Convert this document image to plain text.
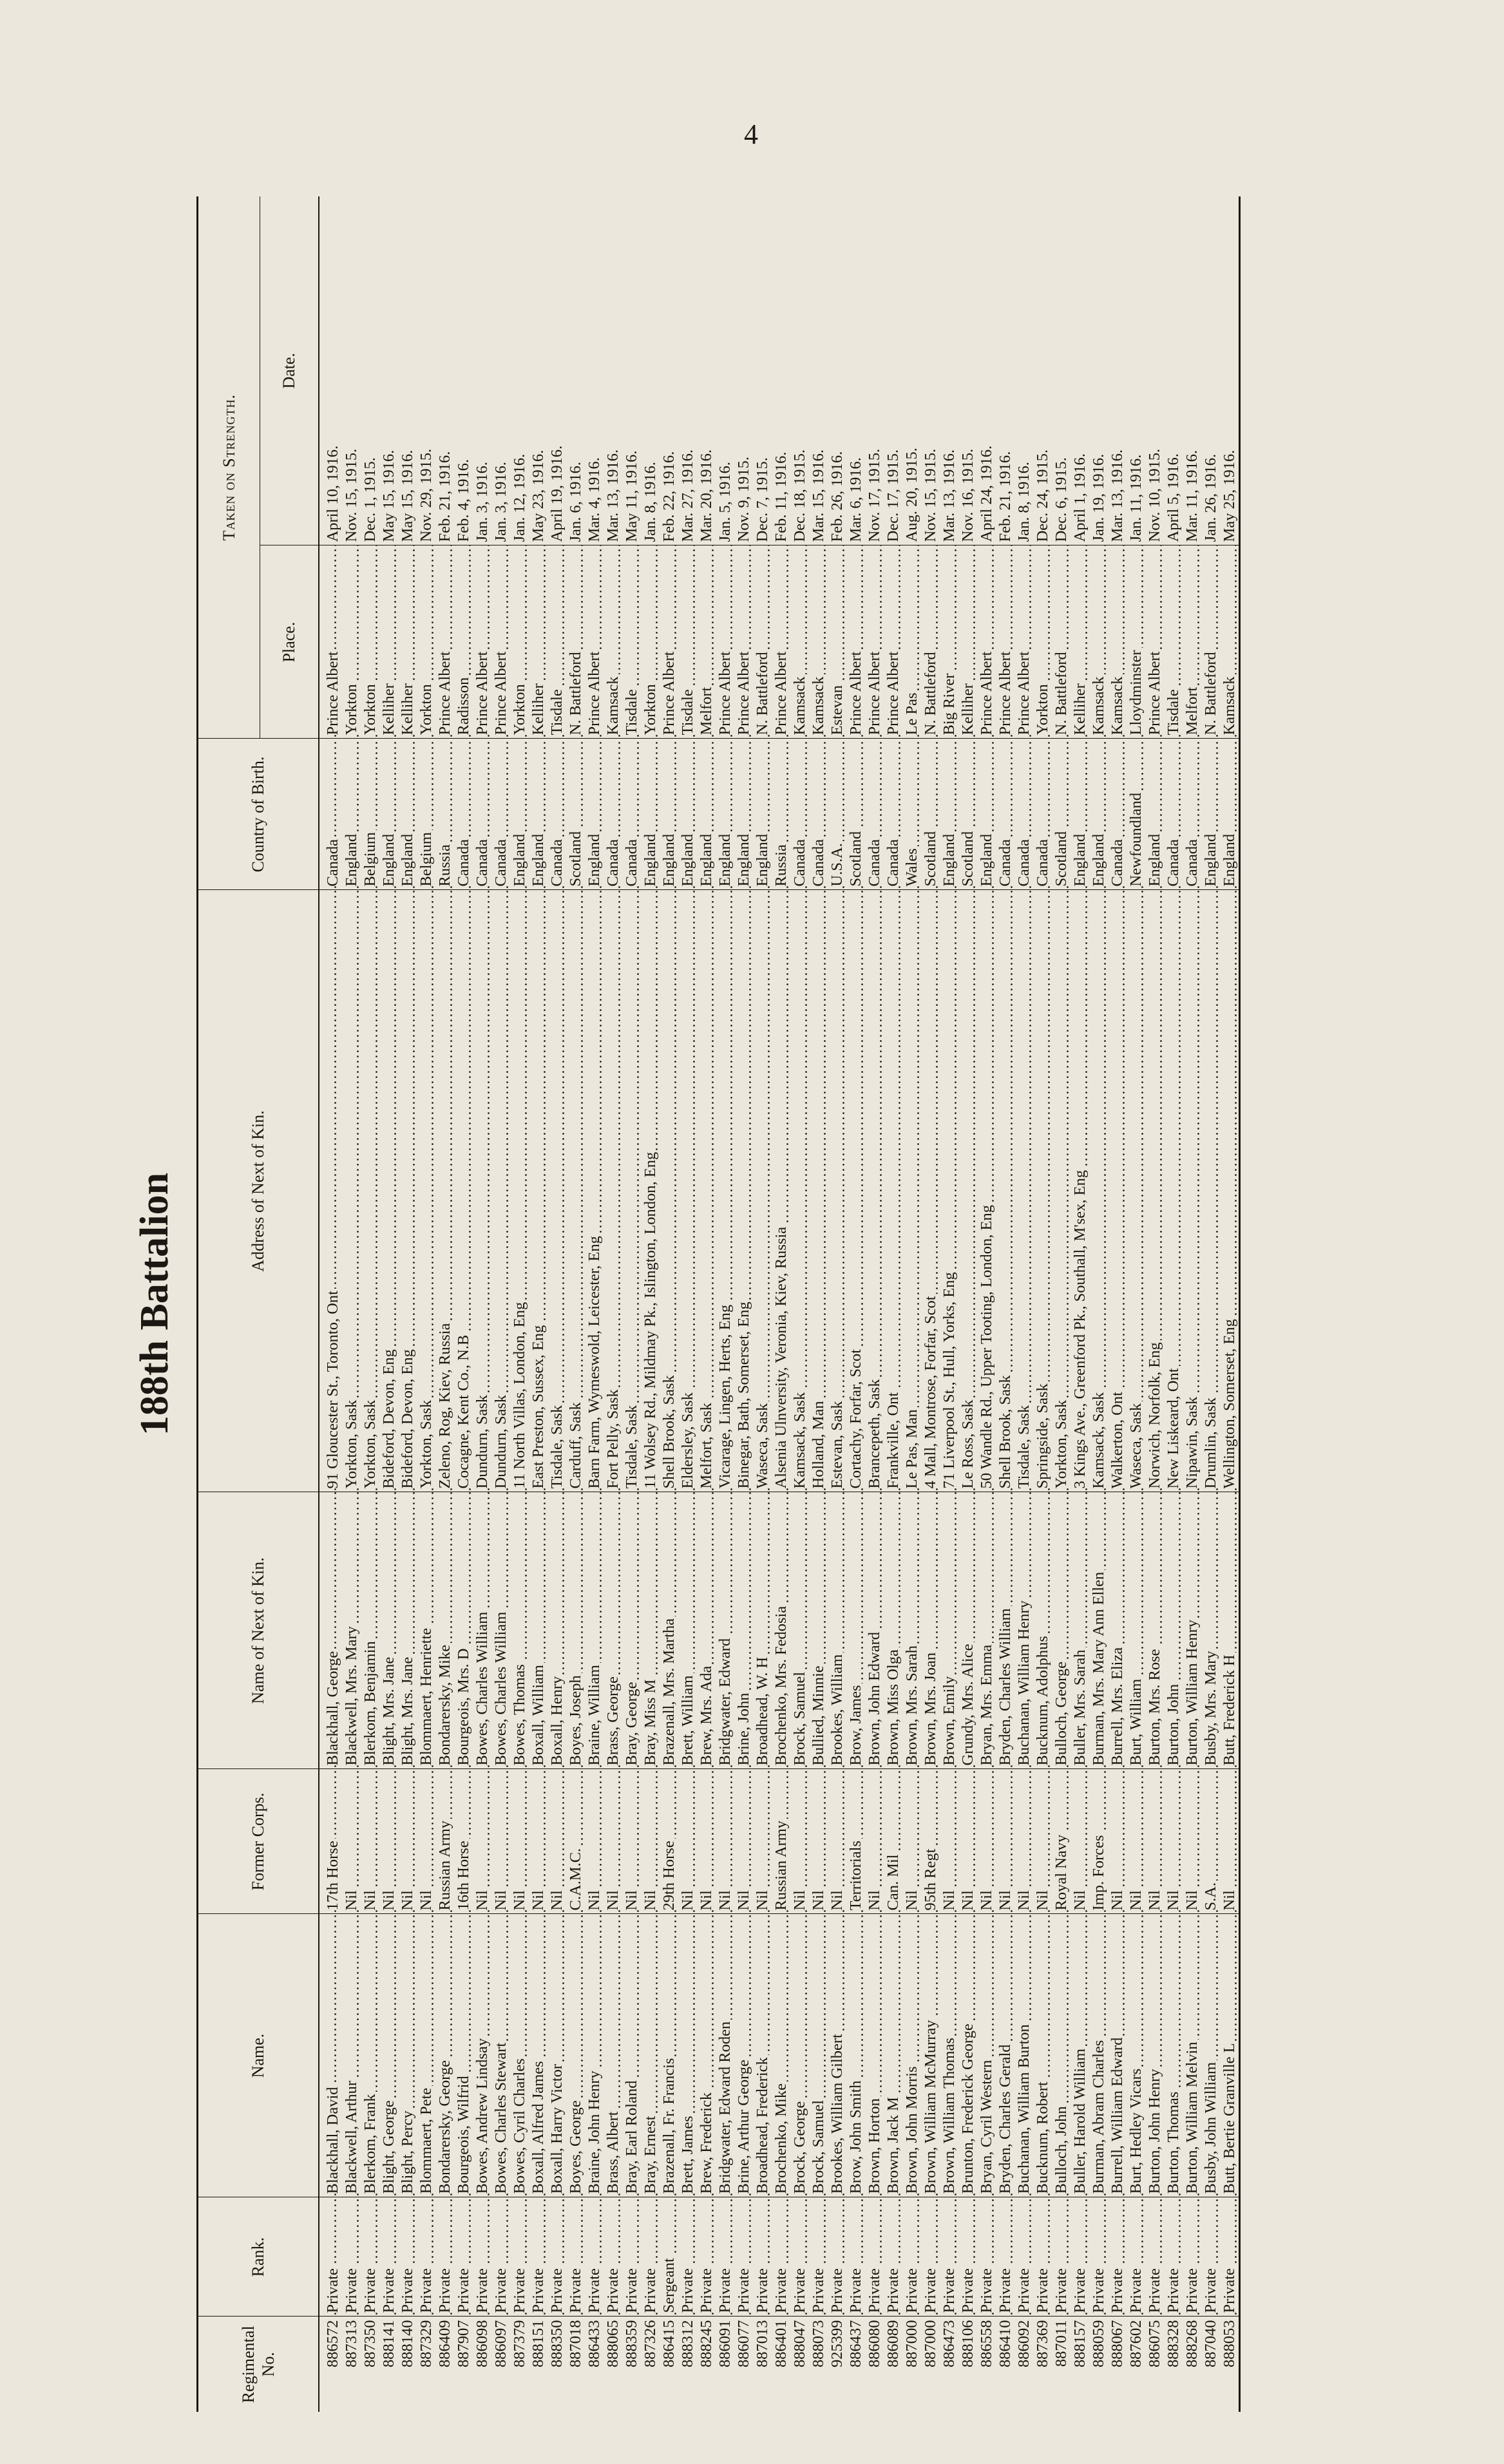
4
188th Battalion
Regimental No.	Rank.	Name.	Former Corps.	Name of Next of Kin.	Address of Next of Kin.	Country of Birth.	Taken on Strength.	
							Place.	Date.
886572	Private	Blackhall, David	17th Horse	Blackhall, George	91 Gloucester St., Toronto, Ont	Canada	Prince Albert	April 10, 1916.
887313	Private	Blackwell, Arthur	Nil	Blackwell, Mrs. Mary	Yorkton, Sask	England	Yorkton	Nov. 15, 1915.
887350	Private	Blerkom, Frank	Nil	Blerkom, Benjamin	Yorkton, Sask	Belgium	Yorkton	Dec. 1, 1915.
888141	Private	Blight, George	Nil	Blight, Mrs. Jane	Bideford, Devon, Eng	England	Kelliher	May 15, 1916.
888140	Private	Blight, Percy	Nil	Blight, Mrs. Jane	Bideford, Devon, Eng	England	Kelliher	May 15, 1916.
887329	Private	Blommaert, Pete	Nil	Blommaert, Henriette	Yorkton, Sask	Belgium	Yorkton	Nov. 29, 1915.
886409	Private	Bondarersky, George	Russian Army	Bondarersky, Mike	Zeleno, Rog, Kiev, Russia	Russia	Prince Albert	Feb. 21, 1916.
887907	Private	Bourgeois, Wilfrid	16th Horse	Bourgeois, Mrs. D	Cocagne, Kent Co., N.B	Canada	Radisson	Feb. 4, 1916.
886098	Private	Bowes, Andrew Lindsay	Nil	Bowes, Charles William	Dundurn, Sask	Canada	Prince Albert	Jan. 3, 1916.
886097	Private	Bowes, Charles Stewart	Nil	Bowes, Charles William	Dundurn, Sask	Canada	Prince Albert	Jan. 3, 1916.
887379	Private	Bowes, Cyril Charles	Nil	Bowes, Thomas	11 North Villas, London, Eng	England	Yorkton	Jan. 12, 1916.
888151	Private	Boxall, Alfred James	Nil	Boxall, William	East Preston, Sussex, Eng	England	Kelliher	May 23, 1916.
888350	Private	Boxall, Harry Victor	Nil	Boxall, Henry	Tisdale, Sask	Canada	Tisdale	April 19, 1916.
887018	Private	Boyes, George	C.A.M.C.	Boyes, Joseph	Carduff, Sask	Scotland	N. Battleford	Jan. 6, 1916.
886433	Private	Braine, John Henry	Nil	Braine, William	Barn Farm, Wymeswold, Leicester, Eng	England	Prince Albert	Mar. 4, 1916.
888065	Private	Brass, Albert	Nil	Brass, George	Fort Pelly, Sask	Canada	Kamsack	Mar. 13, 1916.
888359	Private	Bray, Earl Roland	Nil	Bray, George	Tisdale, Sask	Canada	Tisdale	May 11, 1916.
887326	Private	Bray, Ernest	Nil	Bray, Miss M	11 Wolsey Rd., Mildmay Pk., Islington, London, Eng	England	Yorkton	Jan. 8, 1916.
886415	Sergeant	Brazenall, Fr. Francis	29th Horse	Brazenall, Mrs. Martha	Shell Brook, Sask	England	Prince Albert	Feb. 22, 1916.
888312	Private	Brett, James	Nil	Brett, William	Eldersley, Sask	England	Tisdale	Mar. 27, 1916.
888245	Private	Brew, Frederick	Nil	Brew, Mrs. Ada	Melfort, Sask	England	Melfort	Mar. 20, 1916.
886091	Private	Bridgwater, Edward Roden	Nil	Bridgwater, Edward	Vicarage, Lingen, Herts, Eng	England	Prince Albert	Jan. 5, 1916.
886077	Private	Brine, Arthur George	Nil	Brine, John	Binegar, Bath, Somerset, Eng	England	Prince Albert	Nov. 9, 1915.
887013	Private	Broadhead, Frederick	Nil	Broadhead, W. H	Waseca, Sask	England	N. Battleford	Dec. 7, 1915.
886401	Private	Brochenko, Mike	Russian Army	Brochenko, Mrs. Fedosia	Alsenia Ulnversity, Veronia, Kiev, Russia	Russia	Prince Albert	Feb. 11, 1916.
888047	Private	Brock, George	Nil	Brock, Samuel	Kamsack, Sask	Canada	Kamsack	Dec. 18, 1915.
888073	Private	Brock, Samuel	Nil	Bullied, Minnie	Holland, Man	Canada	Kamsack	Mar. 15, 1916.
925399	Private	Brookes, William Gilbert	Nil	Brookes, William	Estevan, Sask	U.S.A.	Estevan	Feb. 26, 1916.
886437	Private	Brow, John Smith	Territorials	Brow, James	Cortachy, Forfar, Scot	Scotland	Prince Albert	Mar. 6, 1916.
886080	Private	Brown, Horton	Nil	Brown, John Edward	Brancepeth, Sask	Canada	Prince Albert	Nov. 17, 1915.
886089	Private	Brown, Jack M	Can. Mil	Brown, Miss Olga	Frankville, Ont	Canada	Prince Albert	Dec. 17, 1915.
887000	Private	Brown, John Morris	Nil	Brown, Mrs. Sarah	Le Pas, Man	Wales	Le Pas	Aug. 20, 1915.
887000	Private	Brown, William McMurray	95th Regt	Brown, Mrs. Joan	4 Mall, Montrose, Forfar, Scot	Scotland	N. Battleford	Nov. 15, 1915.
886473	Private	Brown, William Thomas	Nil	Brown, Emily	71 Liverpool St., Hull, Yorks, Eng	England	Big River	Mar. 13, 1916.
888106	Private	Brunton, Frederick George	Nil	Grundy, Mrs. Alice	Le Ross, Sask	Scotland	Kelliher	Nov. 16, 1915.
886558	Private	Bryan, Cyril Western	Nil	Bryan, Mrs. Emma	50 Wandle Rd., Upper Tooting, London, Eng	England	Prince Albert	April 24, 1916.
886410	Private	Bryden, Charles Gerald	Nil	Bryden, Charles William	Shell Brook, Sask	Canada	Prince Albert	Feb. 21, 1916.
886092	Private	Buchanan, William Burton	Nil	Buchanan, William Henry	Tisdale, Sask	Canada	Prince Albert	Jan. 8, 1916.
887369	Private	Bucknum, Robert	Nil	Bucknum, Adolphus	Springside, Sask	Canada	Yorkton	Dec. 24, 1915.
887011	Private	Bulloch, John	Royal Navy	Bulloch, George	Yorkton, Sask	Scotland	N. Battleford	Dec. 6, 1915.
888157	Private	Buller, Harold William	Nil	Buller, Mrs. Sarah	3 Kings Ave., Greenford Pk., Southall, M'sex, Eng	England	Kelliher	April 1, 1916.
888059	Private	Burman, Abram Charles	Imp. Forces	Burman, Mrs. Mary Ann Ellen	Kamsack, Sask	England	Kamsack	Jan. 19, 1916.
888067	Private	Burrell, William Edward	Nil	Burrell, Mrs. Eliza	Walkerton, Ont	Canada	Kamsack	Mar. 13, 1916.
887602	Private	Burt, Hedley Vicars	Nil	Burt, William	Waseca, Sask	Newfoundland	Lloydminster	Jan. 11, 1916.
886075	Private	Burton, John Henry	Nil	Burton, Mrs. Rose	Norwich, Norfolk, Eng	England	Prince Albert	Nov. 10, 1915.
888328	Private	Burton, Thomas	Nil	Burton, John	New Liskeard, Ont	Canada	Tisdale	April 5, 1916.
888268	Private	Burton, William Melvin	Nil	Burton, William Henry	Nipawin, Sask	Canada	Melfort	Mar. 11, 1916.
887040	Private	Busby, John William	S.A.	Busby, Mrs. Mary	Drumlin, Sask	England	N. Battleford	Jan. 26, 1916.
888053	Private	Butt, Bertie Granville L	Nil	Butt, Frederick H	Wellington, Somerset, Eng	England	Kamsack	May 25, 1916.
